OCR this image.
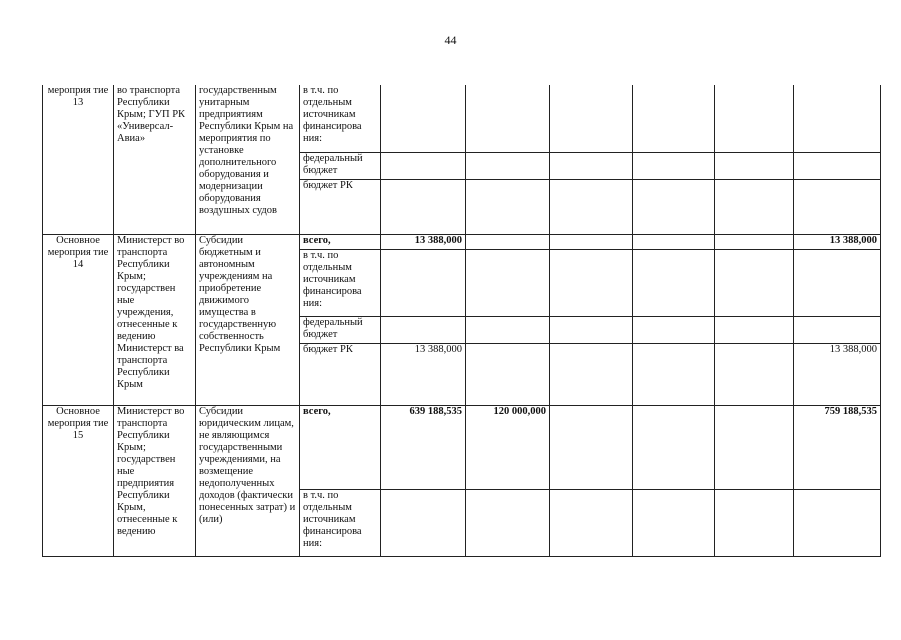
44
мероприя тие 13	во транспорта Республики Крым; ГУП РК «Универсал-Авиа»	государственным унитарным предприятиям Республики Крым на мероприятия по установке дополнительного оборудования и модернизации оборудования воздушных судов	в т.ч. по отдельным источникам финансирова ния:						
			федеральный бюджет						
			бюджет РК						
Основное мероприя тие 14	Министерст во транспорта Республики Крым; государствен ные учреждения, отнесенные к ведению Министерст ва транспорта Республики Крым	Субсидии бюджетным и автономным учреждениям на приобретение движимого имущества в государственную собственность Республики Крым	всего,	13 388,000					13 388,000
			в т.ч. по отдельным источникам финансирова ния:						
			федеральный бюджет						
			бюджет РК	13 388,000					13 388,000
Основное мероприя тие 15	Министерст во транспорта Республики Крым; государствен ные предприятия Республики Крым, отнесенные к ведению	Субсидии юридическим лицам, не являющимся государственными учреждениями, на возмещение недополученных доходов (фактически понесенных затрат) и (или)	всего,	639 188,535	120 000,000				759 188,535
			в т.ч. по отдельным источникам финансирова ния:						
